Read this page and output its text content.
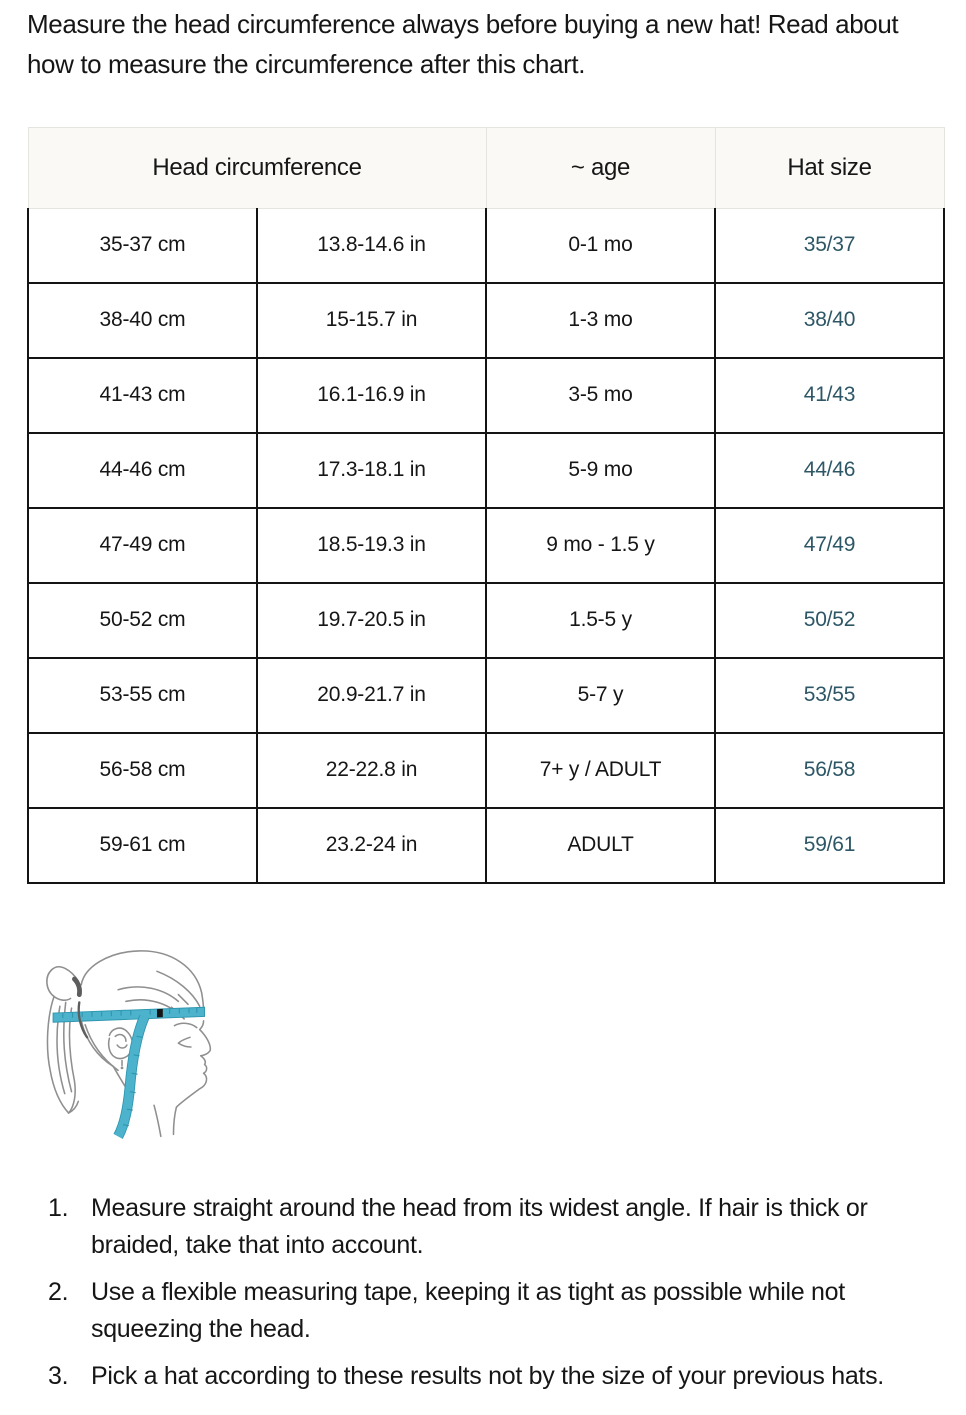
Measure the head circumference always before buying a new hat! Read about how to measure the circumference after this chart.

Head circumference		~ age	Hat size
35-37 cm	13.8-14.6 in	0-1 mo	35/37
38-40 cm	15-15.7 in	1-3 mo	38/40
41-43 cm	16.1-16.9 in	3-5 mo	41/43
44-46 cm	17.3-18.1 in	5-9 mo	44/46
47-49 cm	18.5-19.3 in	9 mo - 1.5 y	47/49
50-52 cm	19.7-20.5 in	1.5-5 y	50/52
53-55 cm	20.9-21.7 in	5-7 y	53/55
56-58 cm	22-22.8 in	7+ y / ADULT	56/58
59-61 cm	23.2-24 in	ADULT	59/61
1. Measure straight around the head from its widest angle. If hair is thick or braided, take that into account.
2. Use a flexible measuring tape, keeping it as tight as possible while not squeezing the head.
3. Pick a hat according to these results not by the size of your previous hats.
